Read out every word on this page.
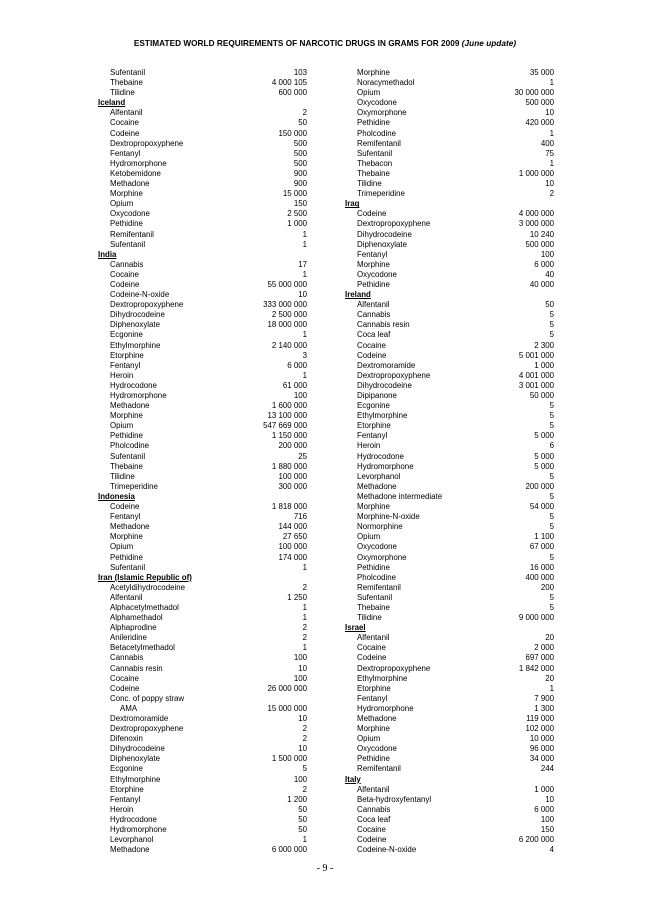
ESTIMATED WORLD REQUIREMENTS OF NARCOTIC DRUGS IN GRAMS FOR 2009 (June update)
Sufentanil	103
Thebaine	4 000 105
Tilidine	600 000
Iceland
Alfentanil	2
Cocaine	50
Codeine	150 000
Dextropropoxyphene	500
Fentanyl	500
Hydromorphone	500
Ketobemidone	900
Methadone	900
Morphine	15 000
Opium	150
Oxycodone	2 500
Pethidine	1 000
Remifentanil	1
Sufentanil	1
India
Cannabis	17
Cocaine	1
Codeine	55 000 000
Codeine-N-oxide	10
Dextropropoxyphene	333 000 000
Dihydrocodeine	2 500 000
Diphenoxylate	18 000 000
Ecgonine	1
Ethylmorphine	2 140 000
Etorphine	3
Fentanyl	6 000
Heroin	1
Hydrocodone	61 000
Hydromorphone	100
Methadone	1 600 000
Morphine	13 100 000
Opium	547 669 000
Pethidine	1 150 000
Pholcodine	200 000
Sufentanil	25
Thebaine	1 880 000
Tilidine	100 000
Trimeperidine	300 000
Indonesia
Codeine	1 818 000
Fentanyl	716
Methadone	144 000
Morphine	27 650
Opium	100 000
Pethidine	174 000
Sufentanil	1
Iran (Islamic Republic of)
Acetyldihydrocodeine	2
Alfentanil	1 250
Alphacetylmethadol	1
Alphamethadol	1
Alphaprodine	2
Anileridine	2
Betacetylmethadol	1
Cannabis	100
Cannabis resin	10
Cocaine	100
Codeine	26 000 000
Conc. of poppy straw
AMA	15 000 000
Dextromoramide	10
Dextropropoxyphene	2
Difenoxin	2
Dihydrocodeine	10
Diphenoxylate	1 500 000
Ecgonine	5
Ethylmorphine	100
Etorphine	2
Fentanyl	1 200
Heroin	50
Hydrocodone	50
Hydromorphone	50
Levorphanol	1
Methadone	6 000 000
Morphine	35 000
Noracymethadol	1
Opium	30 000 000
Oxycodone	500 000
Oxymorphone	10
Pethidine	420 000
Pholcodine	1
Remifentanil	400
Sufentanil	75
Thebacon	1
Thebaine	1 000 000
Tilidine	10
Trimeperidine	2
Iraq
Codeine	4 000 000
Dextropropoxyphene	3 000 000
Dihydrocodeine	10 240
Diphenoxylate	500 000
Fentanyl	100
Morphine	6 000
Oxycodone	40
Pethidine	40 000
Ireland
Alfentanil	50
Cannabis	5
Cannabis resin	5
Coca leaf	5
Cocaine	2 300
Codeine	5 001 000
Dextromoramide	1 000
Dextropropoxyphene	4 001 000
Dihydrocodeine	3 001 000
Dipipanone	50 000
Ecgonine	5
Ethylmorphine	5
Etorphine	5
Fentanyl	5 000
Heroin	6
Hydrocodone	5 000
Hydromorphone	5 000
Levorphanol	5
Methadone	200 000
Methadone intermediate	5
Morphine	54 000
Morphine-N-oxide	5
Normorphine	5
Opium	1 100
Oxycodone	67 000
Oxymorphone	5
Pethidine	16 000
Pholcodine	400 000
Remifentanil	200
Sufentanil	5
Thebaine	5
Tilidine	9 000 000
Israel
Alfentanil	20
Cocaine	2 000
Codeine	697 000
Dextropropoxyphene	1 842 000
Ethylmorphine	20
Etorphine	1
Fentanyl	7 900
Hydromorphone	1 300
Methadone	119 000
Morphine	102 000
Opium	10 000
Oxycodone	96 000
Pethidine	34 000
Remifentanil	244
Italy
Alfentanil	1 000
Beta-hydroxyfentanyl	10
Cannabis	6 000
Coca leaf	100
Cocaine	150
Codeine	6 200 000
Codeine-N-oxide	4
- 9 -
